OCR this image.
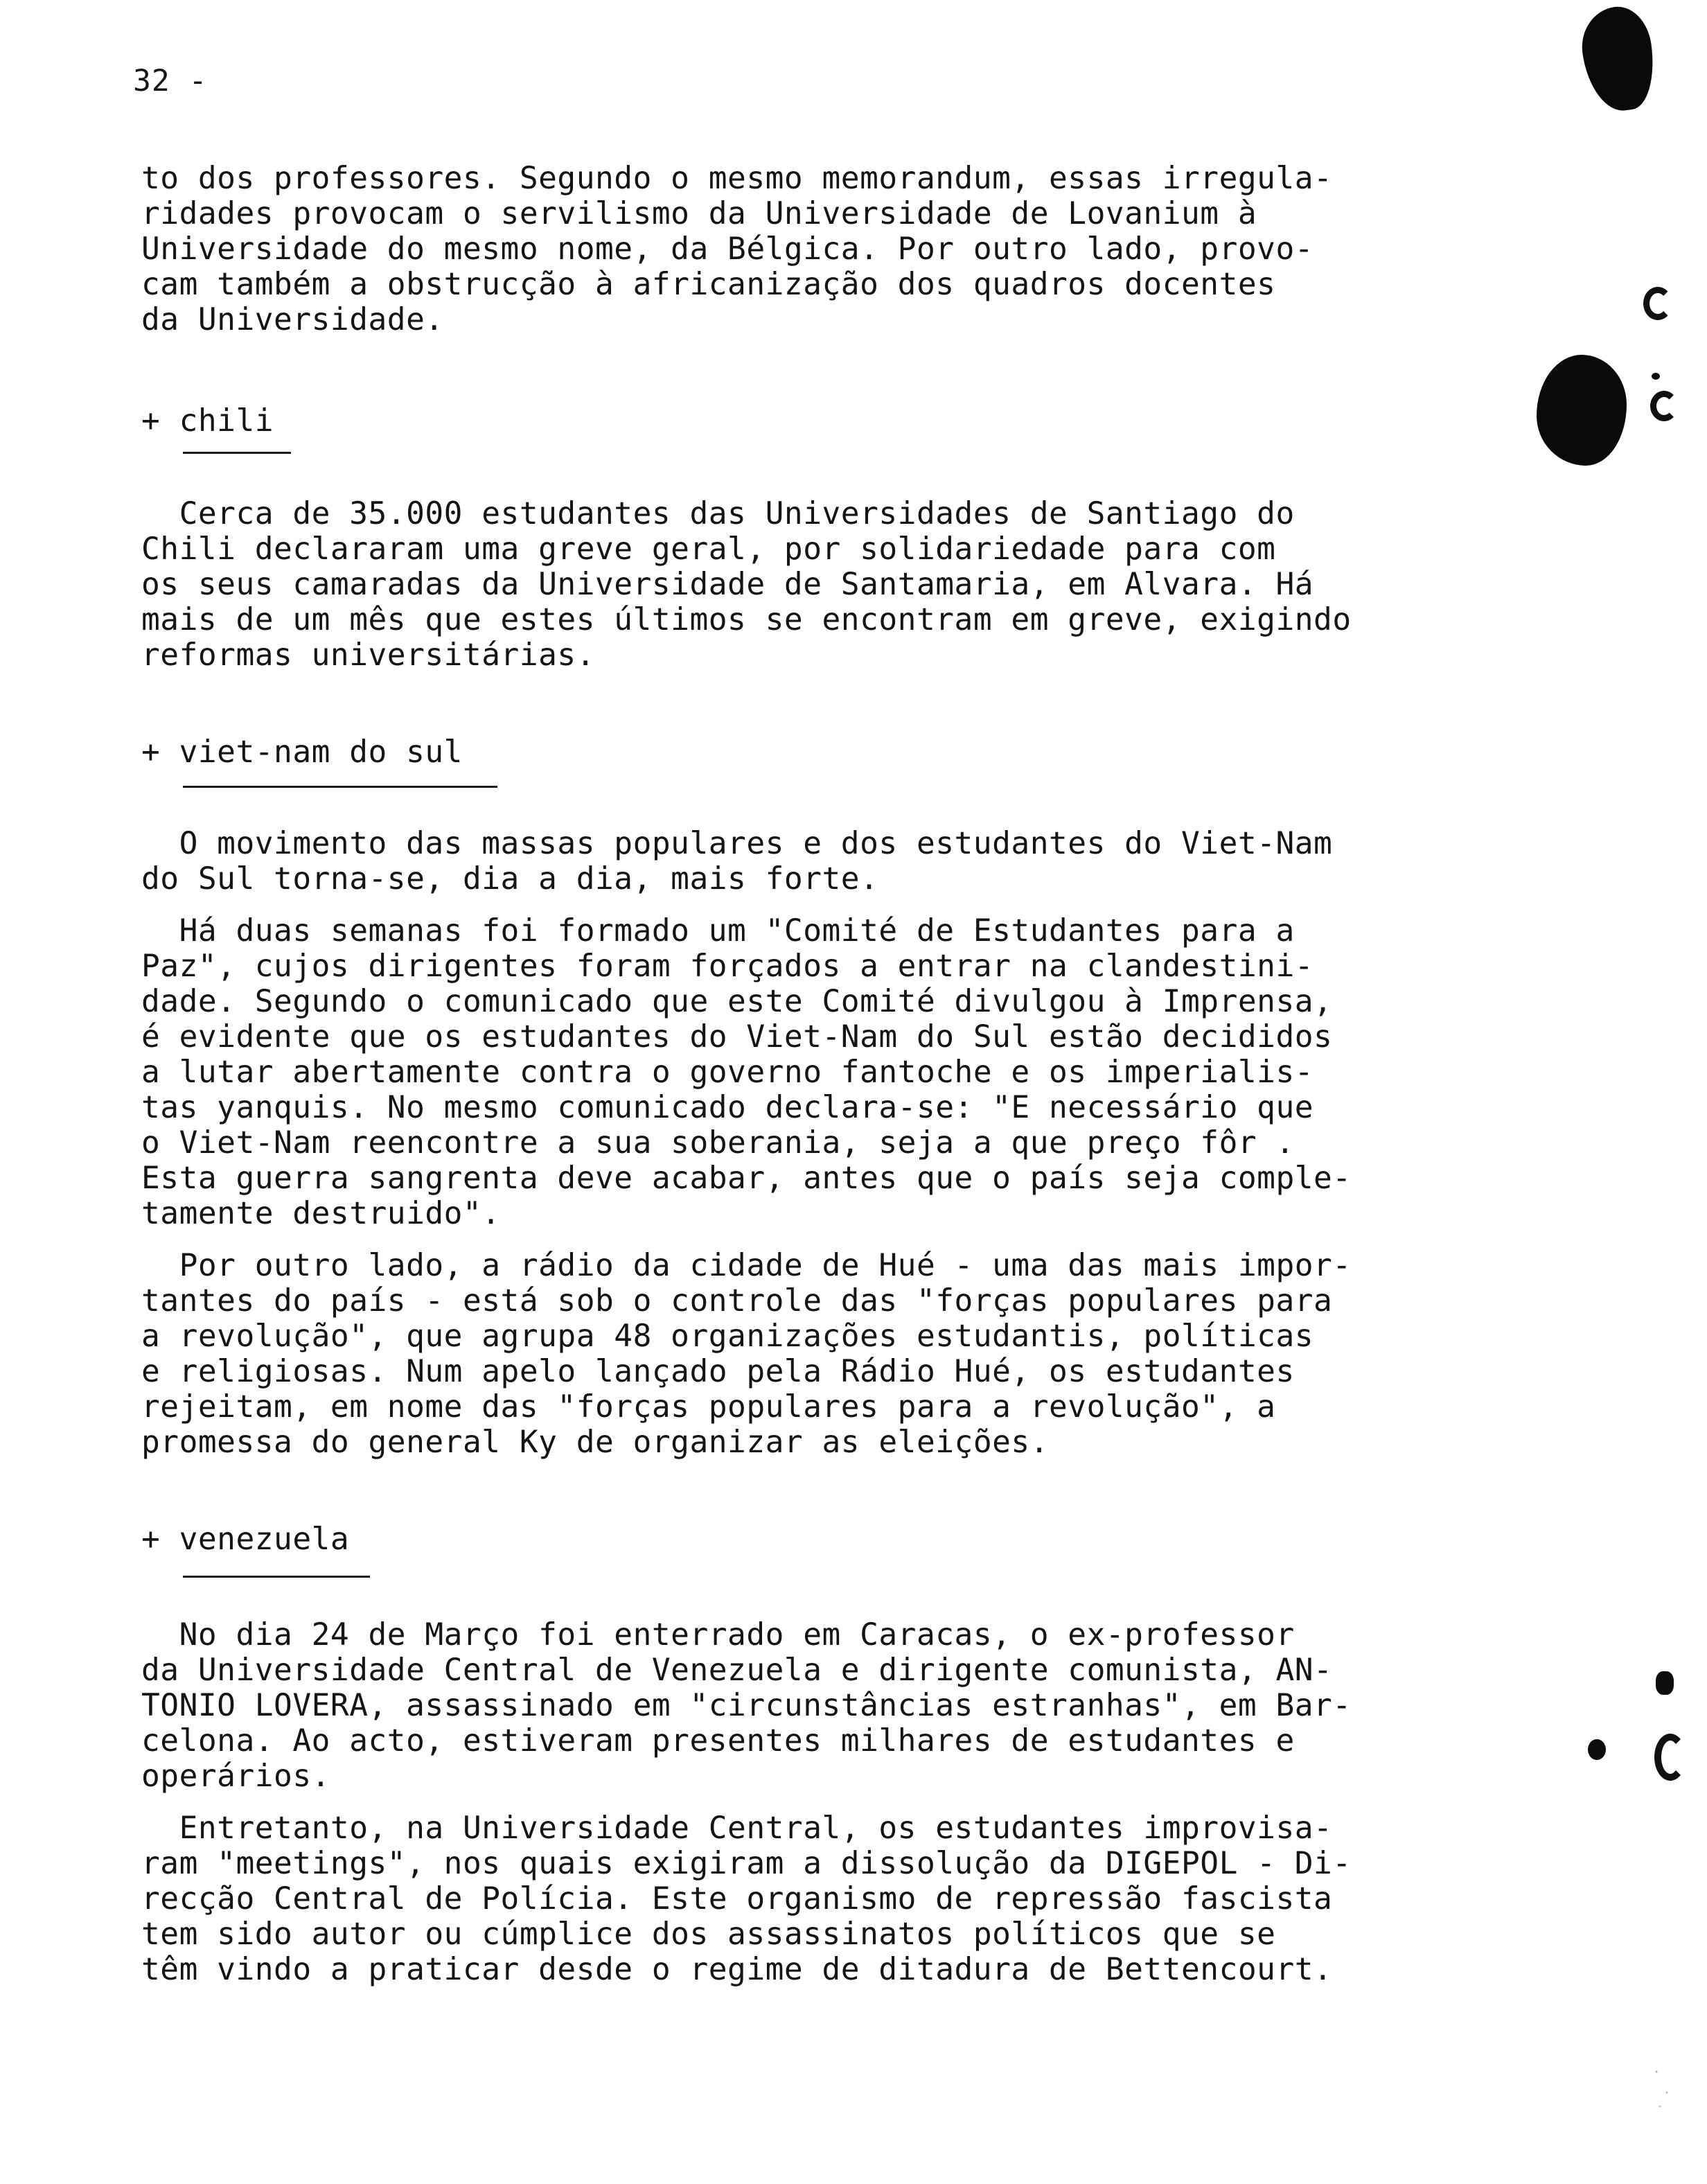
32 -

to dos professores. Segundo o mesmo memorandum, essas irregula-
ridades provocam o servilismo da Universidade de Lovanium à
Universidade do mesmo nome, da Bélgica. Por outro lado, provo-
cam também a obstrucção à africanização dos quadros docentes
da Universidade.

+ chili

Cerca de 35.000 estudantes das Universidades de Santiago do
Chili declararam uma greve geral, por solidariedade para com
os seus camaradas da Universidade de Santamaria, em Alvara. Há
mais de um mês que estes últimos se encontram em greve, exigindo
reformas universitárias.

+ viet-nam do sul

O movimento das massas populares e dos estudantes do Viet-Nam
do Sul torna-se, dia a dia, mais forte.

Há duas semanas foi formado um "Comité de Estudantes para a
Paz", cujos dirigentes foram forçados a entrar na clandestini-
dade. Segundo o comunicado que este Comité divulgou à Imprensa,
é evidente que os estudantes do Viet-Nam do Sul estão decididos
a lutar abertamente contra o governo fantoche e os imperialis-
tas yanquis. No mesmo comunicado declara-se: "E necessário que
o Viet-Nam reencontre a sua soberania, seja a que preço fôr .
Esta guerra sangrenta deve acabar, antes que o país seja comple-
tamente destruido".

Por outro lado, a rádio da cidade de Hué - uma das mais impor-
tantes do país - está sob o controle das "forças populares para
a revolução", que agrupa 48 organizações estudantis, políticas
e religiosas. Num apelo lançado pela Rádio Hué, os estudantes
rejeitam, em nome das "forças populares para a revolução", a
promessa do general Ky de organizar as eleições.

+ venezuela

No dia 24 de Março foi enterrado em Caracas, o ex-professor
da Universidade Central de Venezuela e dirigente comunista, AN-
TONIO LOVERA, assassinado em "circunstâncias estranhas", em Bar-
celona. Ao acto, estiveram presentes milhares de estudantes e
operários.

Entretanto, na Universidade Central, os estudantes improvisa-
ram "meetings", nos quais exigiram a dissolução da DIGEPOL - Di-
recção Central de Polícia. Este organismo de repressão fascista
tem sido autor ou cúmplice dos assassinatos políticos que se
têm vindo a praticar desde o regime de ditadura de Bettencourt.
